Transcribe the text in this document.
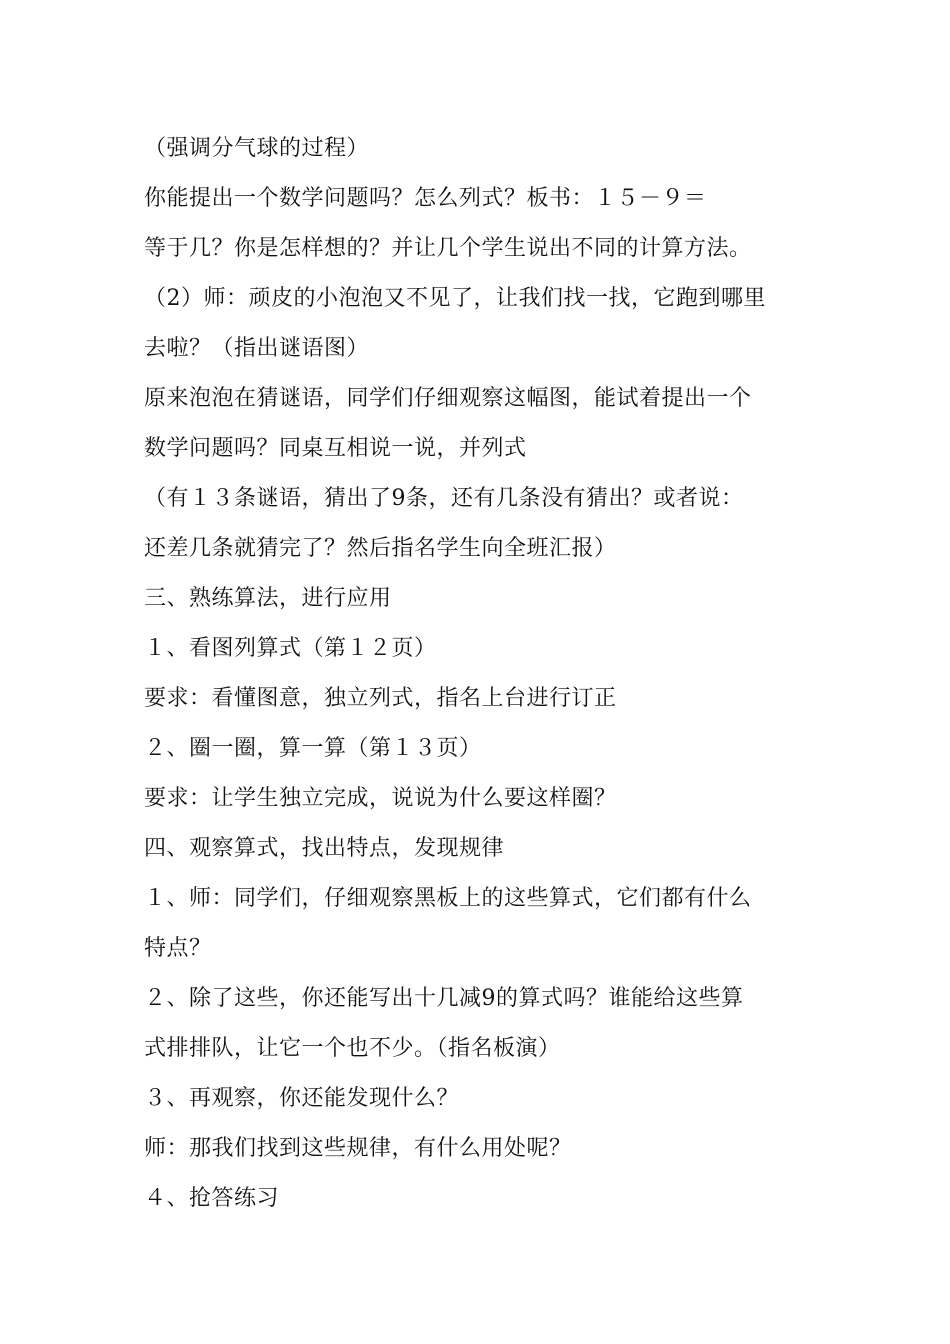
（强调分气球的过程）
你能提出一个数学问题吗？怎么列式？板书：１５－９＝
等于几？你是怎样想的？并让几个学生说出不同的计算方法。
（2）师：顽皮的小泡泡又不见了，让我们找一找，它跑到哪里
去啦？（指出谜语图）
原来泡泡在猜谜语，同学们仔细观察这幅图，能试着提出一个
数学问题吗？同桌互相说一说，并列式
（有１３条谜语，猜出了9条，还有几条没有猜出？或者说：
还差几条就猜完了？然后指名学生向全班汇报）
三、熟练算法，进行应用
１、看图列算式（第１２页）
要求：看懂图意，独立列式，指名上台进行订正
２、圈一圈，算一算（第１３页）
要求：让学生独立完成，说说为什么要这样圈？
四、观察算式，找出特点，发现规律
１、师：同学们，仔细观察黑板上的这些算式，它们都有什么
特点？
２、除了这些，你还能写出十几减9的算式吗？谁能给这些算
式排排队，让它一个也不少。（指名板演）
３、再观察，你还能发现什么？
师：那我们找到这些规律，有什么用处呢？
４、抢答练习
